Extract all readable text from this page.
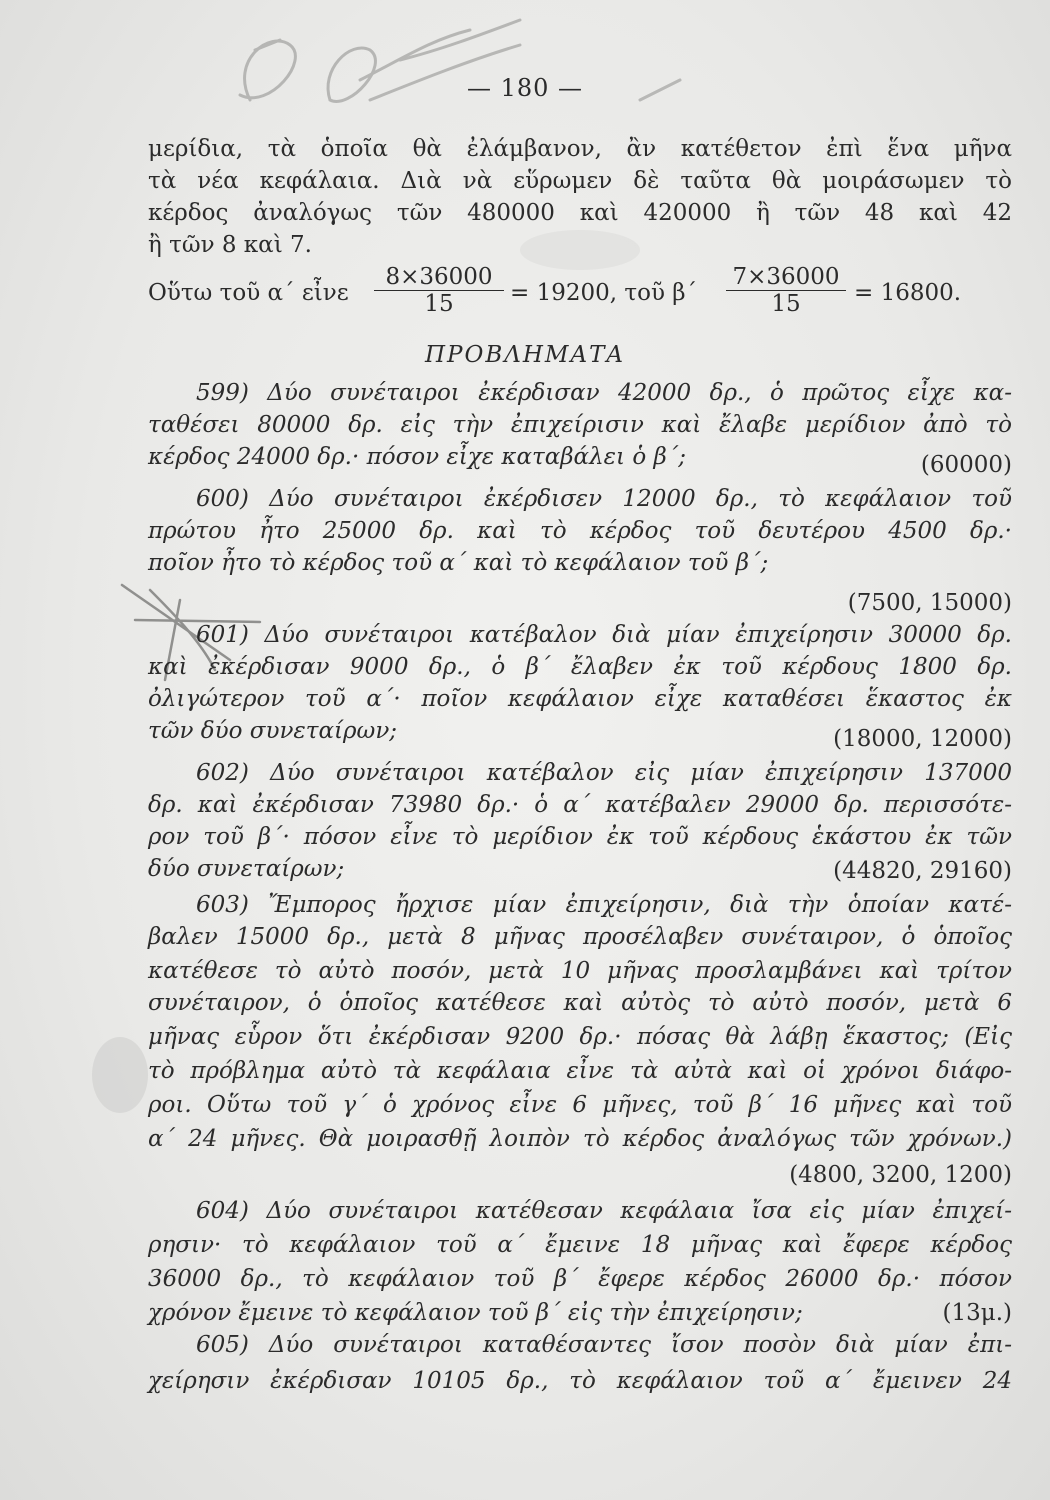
— 180 —
μερίδια, τὰ ὁποῖα θὰ ἐλάμβανον, ἂν κατέθετον ἐπὶ ἕνα μῆνα
τὰ νέα κεφάλαια. Διὰ νὰ εὕρωμεν δὲ ταῦτα θὰ μοιράσωμεν τὸ
κέρδος ἀναλόγως τῶν 480000 καὶ 420000 ἢ τῶν 48 καὶ 42
ἢ τῶν 8 καὶ 7.
Οὕτω τοῦ α΄ εἶνε $\frac{8\times 36000}{15} = 19200$, τοῦ $\beta΄ \frac{7\times 36000}{15} = 16800$.
ΠΡΟΒΛΗΜΑΤΑ
599) Δύο συνέταιροι ἐκέρδισαν 42000 δρ., ὁ πρῶτος εἶχε κα-
ταθέσει 80000 δρ. εἰς τὴν ἐπιχείρισιν καὶ ἔλαβε μερίδιον ἀπὸ τὸ
κέρδος 24000 δρ.· πόσον εἶχε καταβάλει ὁ β΄;	(60000)
600) Δύο συνέταιροι ἐκέρδισεν 12000 δρ., τὸ κεφάλαιον τοῦ
πρώτου ἦτο 25000 δρ. καὶ τὸ κέρδος τοῦ δευτέρου 4500 δρ.·
ποῖον ἦτο τὸ κέρδος τοῦ α΄ καὶ τὸ κεφάλαιον τοῦ β΄;
(7500, 15000)
601) Δύο συνέταιροι κατέβαλον διὰ μίαν ἐπιχείρησιν 30000 δρ.
καὶ ἐκέρδισαν 9000 δρ., ὁ β΄ ἔλαβεν ἐκ τοῦ κέρδους 1800 δρ.
ὀλιγώτερον τοῦ α΄· ποῖον κεφάλαιον εἶχε καταθέσει ἕκαστος ἐκ
τῶν δύο συνεταίρων;	(18000, 12000)
602) Δύο συνέταιροι κατέβαλον εἰς μίαν ἐπιχείρησιν 137000
δρ. καὶ ἐκέρδισαν 73980 δρ.· ὁ α΄ κατέβαλεν 29000 δρ. περισσότε-
ρον τοῦ β΄· πόσον εἶνε τὸ μερίδιον ἐκ τοῦ κέρδους ἑκάστου ἐκ τῶν
δύο συνεταίρων;	(44820, 29160)
603) Ἔμπορος ἤρχισε μίαν ἐπιχείρησιν, διὰ τὴν ὁποίαν κατέ-
βαλεν 15000 δρ., μετὰ 8 μῆνας προσέλαβεν συνέταιρον, ὁ ὁποῖος
κατέθεσε τὸ αὐτὸ ποσόν, μετὰ 10 μῆνας προσλαμβάνει καὶ τρίτον
συνέταιρον, ὁ ὁποῖος κατέθεσε καὶ αὐτὸς τὸ αὐτὸ ποσόν, μετὰ 6
μῆνας εὗρον ὅτι ἐκέρδισαν 9200 δρ.· πόσας θὰ λάβῃ ἕκαστος; (Εἰς
τὸ πρόβλημα αὐτὸ τὰ κεφάλαια εἶνε τὰ αὐτὰ καὶ οἱ χρόνοι διάφο-
ροι. Οὕτω τοῦ γ΄ ὁ χρόνος εἶνε 6 μῆνες, τοῦ β΄ 16 μῆνες καὶ τοῦ
α΄ 24 μῆνες. Θὰ μοιρασθῇ λοιπὸν τὸ κέρδος ἀναλόγως τῶν χρόνων.)
(4800, 3200, 1200)
604) Δύο συνέταιροι κατέθεσαν κεφάλαια ἴσα εἰς μίαν ἐπιχεί-
ρησιν· τὸ κεφάλαιον τοῦ α΄ ἔμεινε 18 μῆνας καὶ ἔφερε κέρδος
36000 δρ., τὸ κεφάλαιον τοῦ β΄ ἔφερε κέρδος 26000 δρ.· πόσον
χρόνον ἔμεινε τὸ κεφάλαιον τοῦ β΄ εἰς τὴν ἐπιχείρησιν;	(13μ.)
605) Δύο συνέταιροι καταθέσαντες ἴσον ποσὸν διὰ μίαν ἐπι-
χείρησιν ἐκέρδισαν 10105 δρ., τὸ κεφάλαιον τοῦ α΄ ἔμεινεν 24
